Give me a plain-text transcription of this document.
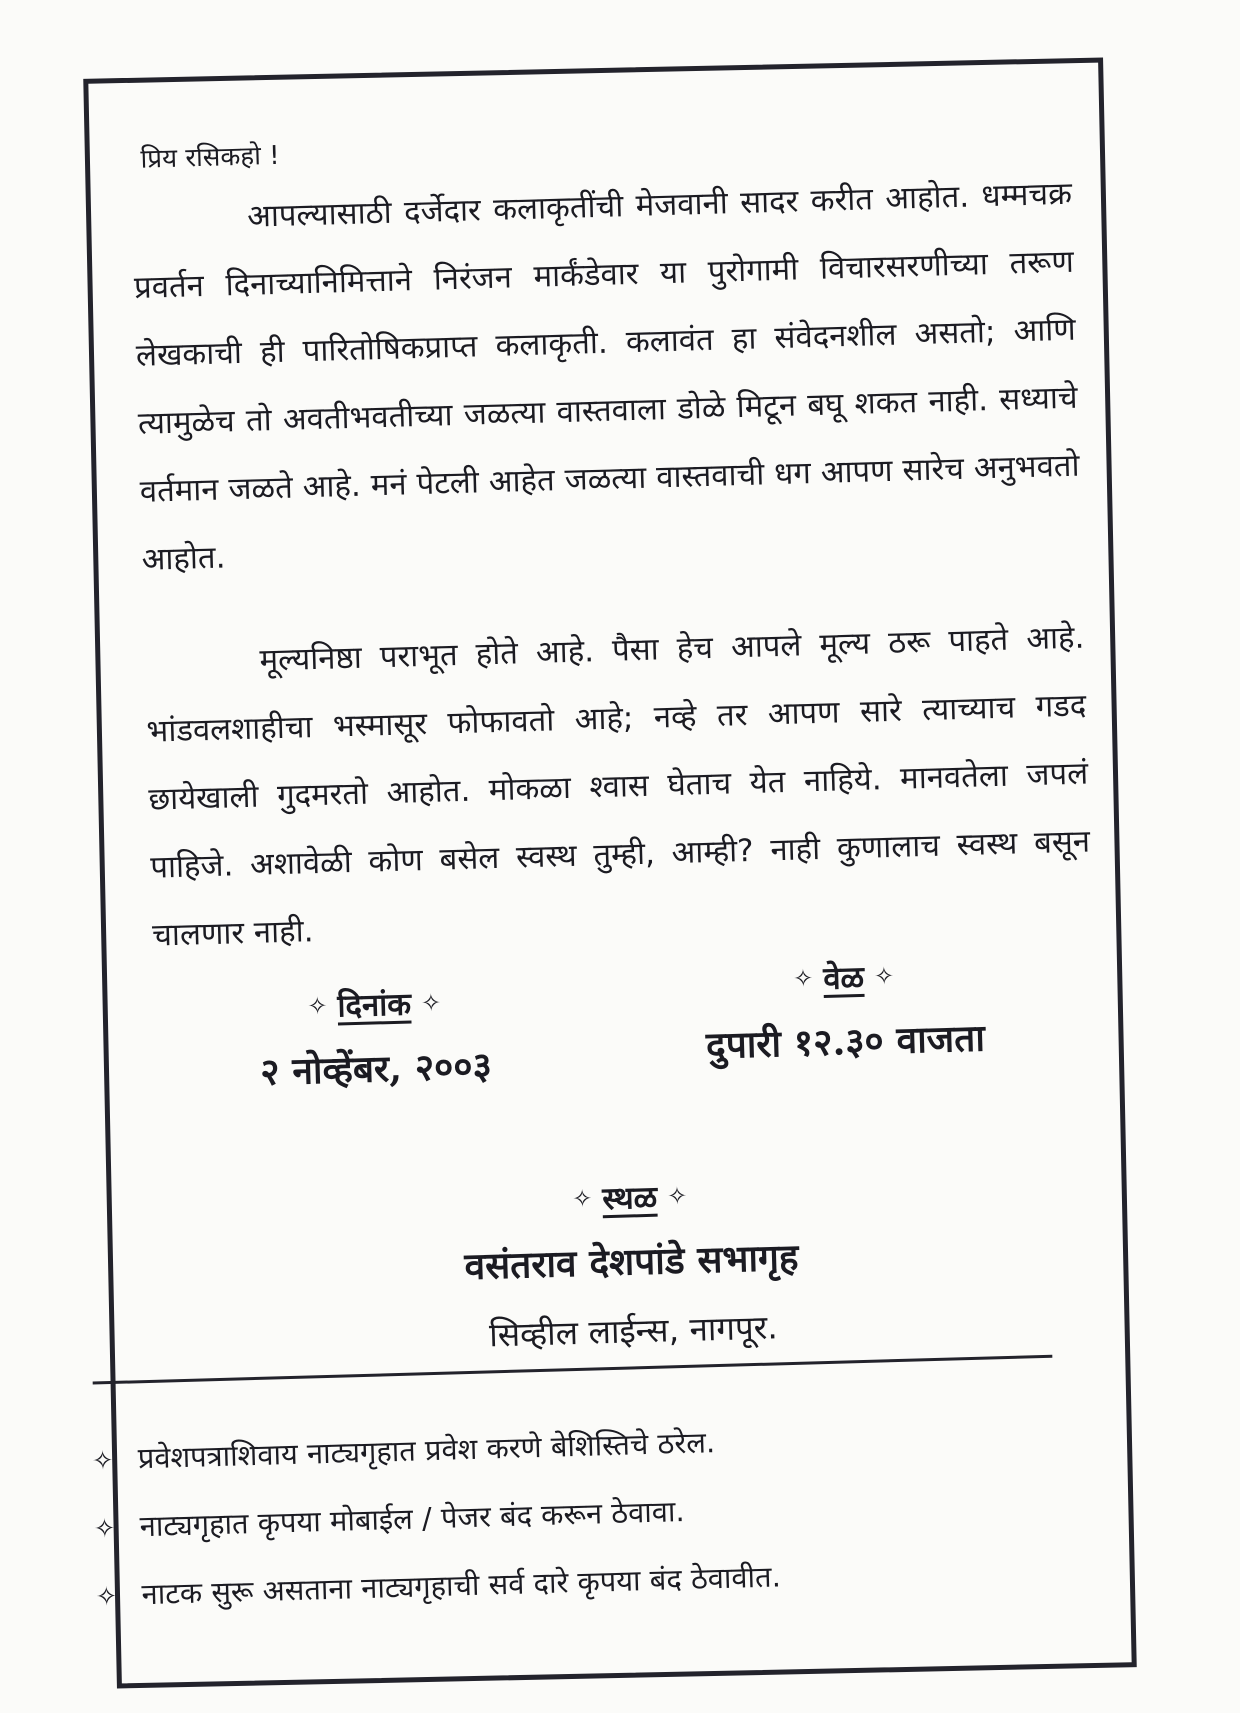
प्रिय रसिकहो !

आपल्यासाठी दर्जेदार कलाकृतींची मेजवानी सादर करीत आहोत. धम्मचक्र प्रवर्तन दिनाच्यानिमित्ताने निरंजन मार्कंडेवार या पुरोगामी विचारसरणीच्या तरूण लेखकाची ही पारितोषिकप्राप्त कलाकृती. कलावंत हा संवेदनशील असतो; आणि त्यामुळेच तो अवतीभवतीच्या जळत्या वास्तवाला डोळे मिटून बघू शकत नाही. सध्याचे वर्तमान जळते आहे. मनं पेटली आहेत जळत्या वास्तवाची धग आपण सारेच अनुभवतो आहोत.

मूल्यनिष्ठा पराभूत होते आहे. पैसा हेच आपले मूल्य ठरू पाहते आहे. भांडवलशाहीचा भस्मासूर फोफावतो आहे; नव्हे तर आपण सारे त्याच्याच गडद छायेखाली गुदमरतो आहोत. मोकळा श्वास घेताच येत नाहिये. मानवतेला जपलं पाहिजे. अशावेळी कोण बसेल स्वस्थ तुम्ही, आम्ही? नाही कुणालाच स्वस्थ बसून चालणार नाही.

✧ दिनांक ✧
२ नोव्हेंबर, २००३
✧ वेळ ✧
दुपारी १२.३० वाजता
✧ स्थळ ✧
वसंतराव देशपांडे सभागृह
सिव्हील लाईन्स, नागपूर.
✧ प्रवेशपत्राशिवाय नाट्यगृहात प्रवेश करणे बेशिस्तिचे ठरेल.
✧ नाट्यगृहात कृपया मोबाईल / पेजर बंद करून ठेवावा.
✧ नाटक सुरू असताना नाट्यगृहाची सर्व दारे कृपया बंद ठेवावीत.
